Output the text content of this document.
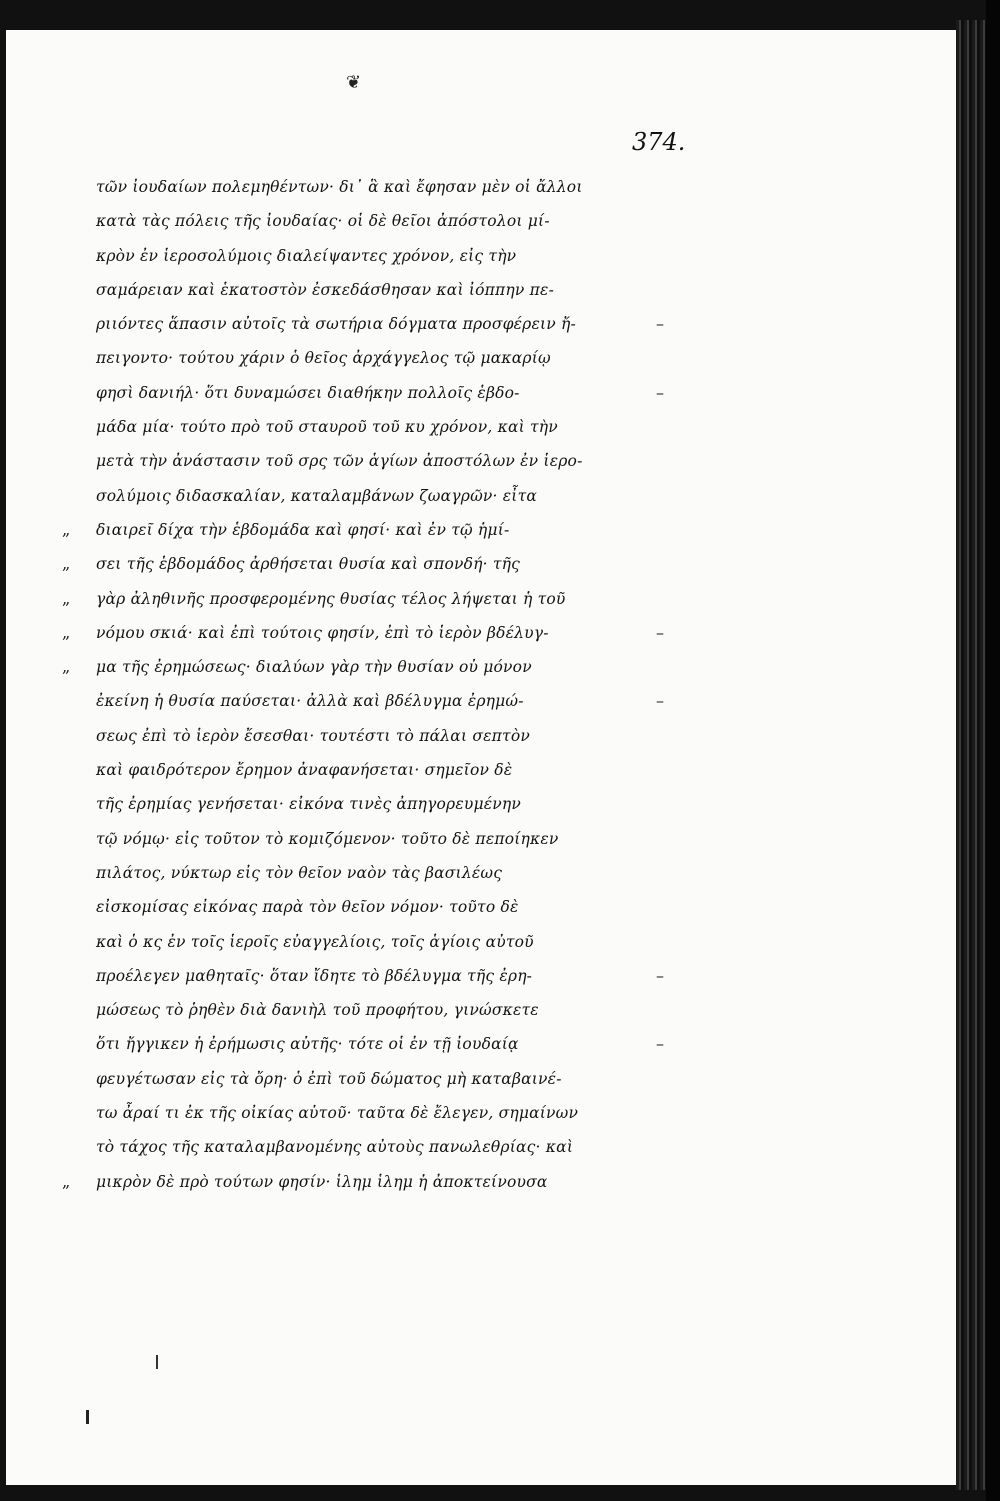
❦
374.
τῶν ἰουδαίων πολεμηθέντων· δι᾽ ἃ καὶ ἔφησαν μὲν οἱ ἄλλοι
κατὰ τὰς πόλεις τῆς ἰουδαίας· οἱ δὲ θεῖοι ἀπόστολοι μί-
κρὸν ἐν ἱεροσολύμοις διαλείψαντες χρόνον, εἰς τὴν
σαμάρειαν καὶ ἑκατοστὸν ἐσκεδάσθησαν καὶ ἰόππην πε-
ριιόντες ἅπασιν αὐτοῖς τὰ σωτήρια δόγματα προσφέρειν ἤ-	–
πειγοντο· τούτου χάριν ὁ θεῖος ἀρχάγγελος τῷ μακαρίῳ
φησὶ δανιήλ· ὅτι δυναμώσει διαθήκην πολλοῖς ἑβδο-	–
μάδα μία· τούτο πρὸ τοῦ σταυροῦ τοῦ κυ χρόνον, καὶ τὴν
μετὰ τὴν ἀνάστασιν τοῦ σρς τῶν ἁγίων ἀποστόλων ἐν ἱερο-
σολύμοις διδασκαλίαν, καταλαμβάνων ζωαγρῶν· εἶτα
„ διαιρεῖ δίχα τὴν ἑβδομάδα καὶ φησί· καὶ ἐν τῷ ἡμί-
„ σει τῆς ἑβδομάδος ἀρθήσεται θυσία καὶ σπονδή· τῆς
„ γὰρ ἀληθινῆς προσφερομένης θυσίας τέλος λήψεται ἡ τοῦ
„ νόμου σκιά· καὶ ἐπὶ τούτοις φησίν, ἐπὶ τὸ ἱερὸν βδέλυγ-	–
„ μα τῆς ἐρημώσεως· διαλύων γὰρ τὴν θυσίαν οὐ μόνον
ἐκείνη ἡ θυσία παύσεται· ἀλλὰ καὶ βδέλυγμα ἐρημώ-	–
σεως ἐπὶ τὸ ἱερὸν ἔσεσθαι· τουτέστι τὸ πάλαι σεπτὸν
καὶ φαιδρότερον ἔρημον ἀναφανήσεται· σημεῖον δὲ
τῆς ἐρημίας γενήσεται· εἰκόνα τινὲς ἀπηγορευμένην
τῷ νόμῳ· εἰς τοῦτον τὸ κομιζόμενον· τοῦτο δὲ πεποίηκεν
πιλάτος, νύκτωρ εἰς τὸν θεῖον ναὸν τὰς βασιλέως
εἰσκομίσας εἰκόνας παρὰ τὸν θεῖον νόμον· τοῦτο δὲ
καὶ ὁ κς ἐν τοῖς ἱεροῖς εὐαγγελίοις, τοῖς ἁγίοις αὐτοῦ
προέλεγεν μαθηταῖς· ὅταν ἴδητε τὸ βδέλυγμα τῆς ἐρη-	–
μώσεως τὸ ῥηθὲν διὰ δανιὴλ τοῦ προφήτου, γινώσκετε
ὅτι ἤγγικεν ἡ ἐρήμωσις αὐτῆς· τότε οἱ ἐν τῇ ἰουδαίᾳ	–
φευγέτωσαν εἰς τὰ ὄρη· ὁ ἐπὶ τοῦ δώματος μὴ καταβαινέ-
τω ἆραί τι ἐκ τῆς οἰκίας αὐτοῦ· ταῦτα δὲ ἔλεγεν, σημαίνων
τὸ τάχος τῆς καταλαμβανομένης αὐτοὺς πανωλεθρίας· καὶ
„ μικρὸν δὲ πρὸ τούτων φησίν· ἱλημ ἱλημ ἡ ἀποκτείνουσα
